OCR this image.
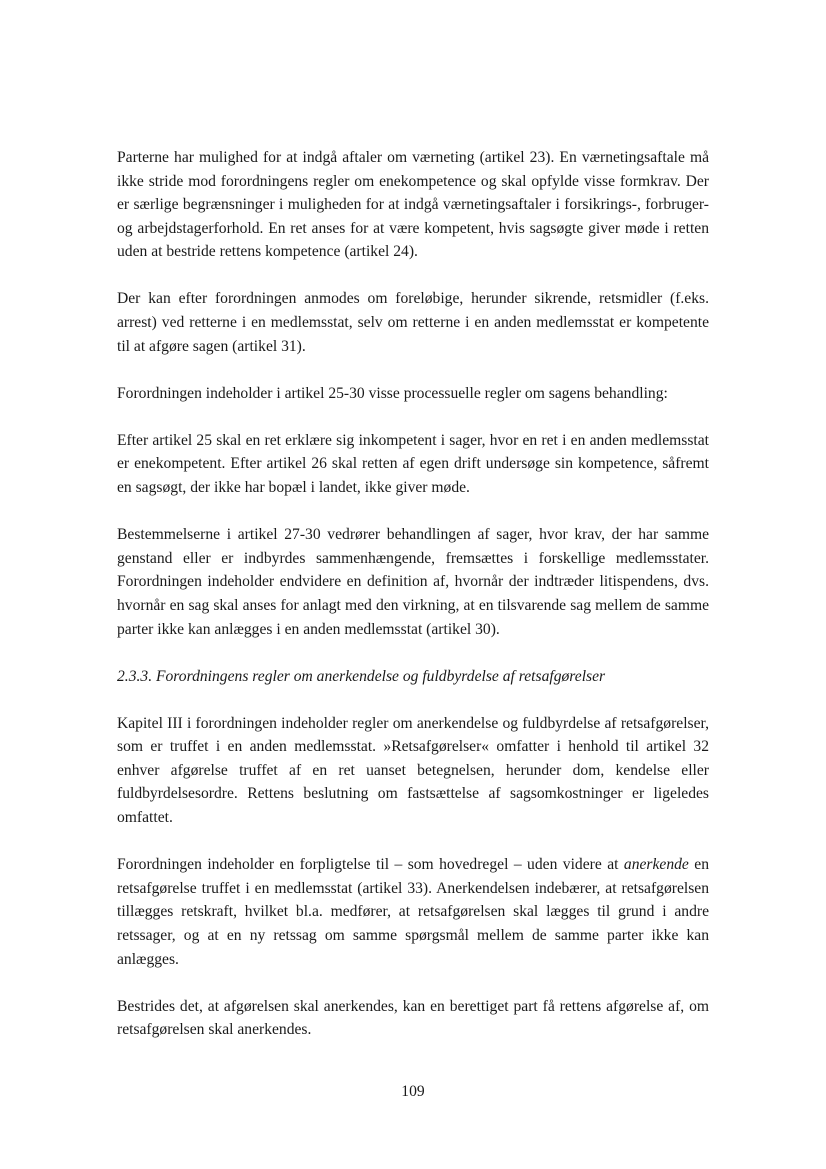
Parterne har mulighed for at indgå aftaler om værneting (artikel 23). En værnetingsaftale må ikke stride mod forordningens regler om enekompetence og skal opfylde visse formkrav. Der er særlige begrænsninger i muligheden for at indgå værnetingsaftaler i forsikrings-, forbruger- og arbejdstagerforhold. En ret anses for at være kompetent, hvis sagsøgte giver møde i retten uden at bestride rettens kompetence (artikel 24).

Der kan efter forordningen anmodes om foreløbige, herunder sikrende, retsmidler (f.eks. arrest) ved retterne i en medlemsstat, selv om retterne i en anden medlemsstat er kompetente til at afgøre sagen (artikel 31).

Forordningen indeholder i artikel 25-30 visse processuelle regler om sagens behandling:

Efter artikel 25 skal en ret erklære sig inkompetent i sager, hvor en ret i en anden medlemsstat er enekompetent. Efter artikel 26 skal retten af egen drift undersøge sin kompetence, såfremt en sagsøgt, der ikke har bopæl i landet, ikke giver møde.

Bestemmelserne i artikel 27-30 vedrører behandlingen af sager, hvor krav, der har samme genstand eller er indbyrdes sammenhængende, fremsættes i forskellige medlemsstater. Forordningen indeholder endvidere en definition af, hvornår der indtræder litispendens, dvs. hvornår en sag skal anses for anlagt med den virkning, at en tilsvarende sag mellem de samme parter ikke kan anlægges i en anden medlemsstat (artikel 30).

2.3.3. Forordningens regler om anerkendelse og fuldbyrdelse af retsafgørelser

Kapitel III i forordningen indeholder regler om anerkendelse og fuldbyrdelse af retsafgørelser, som er truffet i en anden medlemsstat. »Retsafgørelser« omfatter i henhold til artikel 32 enhver afgørelse truffet af en ret uanset betegnelsen, herunder dom, kendelse eller fuldbyrdelsesordre. Rettens beslutning om fastsættelse af sagsomkostninger er ligeledes omfattet.

Forordningen indeholder en forpligtelse til – som hovedregel – uden videre at anerkende en retsafgørelse truffet i en medlemsstat (artikel 33). Anerkendelsen indebærer, at retsafgørelsen tillægges retskraft, hvilket bl.a. medfører, at retsafgørelsen skal lægges til grund i andre retssager, og at en ny retssag om samme spørgsmål mellem de samme parter ikke kan anlægges.

Bestrides det, at afgørelsen skal anerkendes, kan en berettiget part få rettens afgørelse af, om retsafgørelsen skal anerkendes.

109
